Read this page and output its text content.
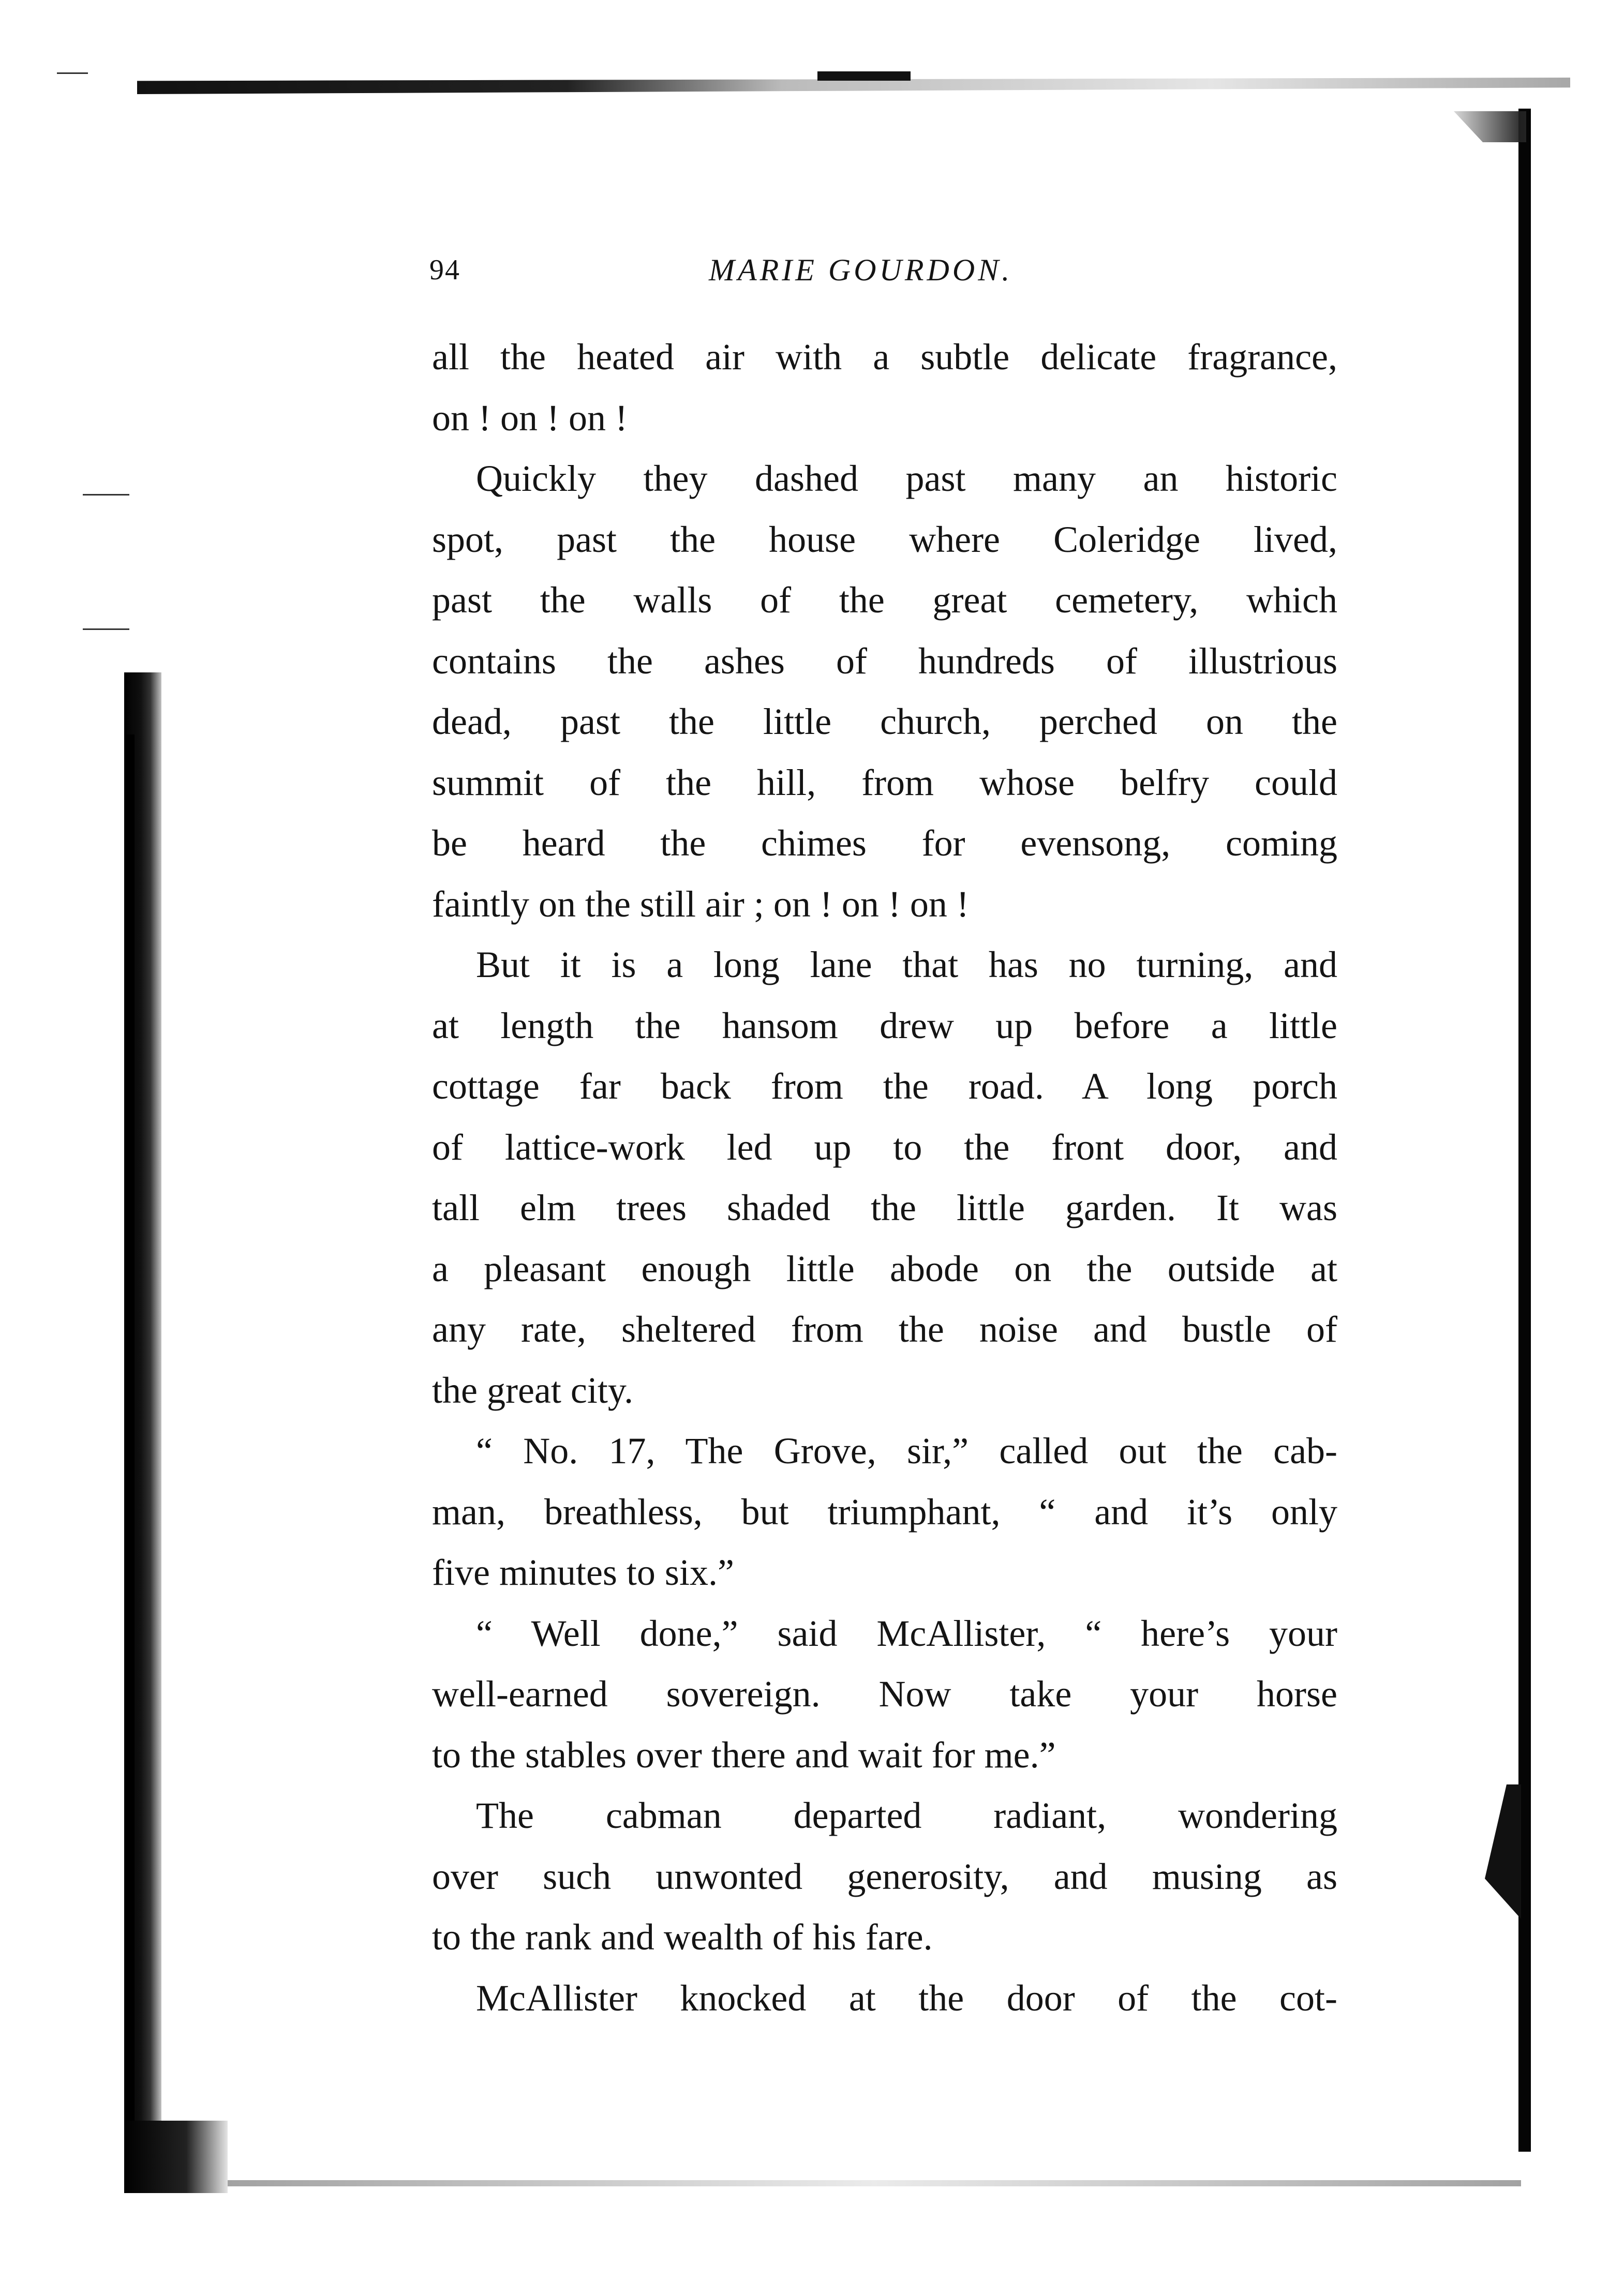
94	MARIE GOURDON.
all the heated air with a subtle delicate fragrance,
on ! on ! on !
Quickly they dashed past many an historic
spot, past the house where Coleridge lived,
past the walls of the great cemetery, which
contains the ashes of hundreds of illustrious
dead, past the little church, perched on the
summit of the hill, from whose belfry could
be heard the chimes for evensong, coming
faintly on the still air ; on ! on ! on !
But it is a long lane that has no turning, and
at length the hansom drew up before a little
cottage far back from the road. A long porch
of lattice-work led up to the front door, and
tall elm trees shaded the little garden. It was
a pleasant enough little abode on the outside at
any rate, sheltered from the noise and bustle of
the great city.
“ No. 17, The Grove, sir,” called out the cab-
man, breathless, but triumphant, “ and it’s only
five minutes to six.”
“ Well done,” said McAllister, “ here’s your
well-earned sovereign. Now take your horse
to the stables over there and wait for me.”
The cabman departed radiant, wondering
over such unwonted generosity, and musing as
to the rank and wealth of his fare.
McAllister knocked at the door of the cot-
